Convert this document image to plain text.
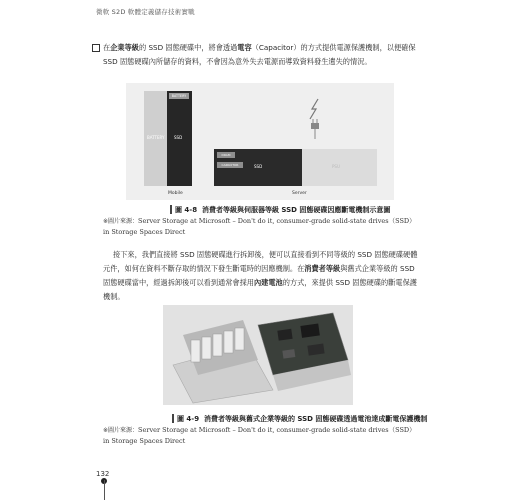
微軟 S2D 軟體定義儲存技術實戰
在企業等級的 SSD 固態硬碟中，將會透過電容（Capacitor）的方式提供電源保護機制，以便確保 SSD 固態硬碟內所儲存的資料，不會因為意外失去電源而導致資料發生遺失的情況。
BATTERY SSD
BATTERY
DRAM
CAPACITOR	SSD	PSU
Mobile	Server
圖 4-8 消費者等級與伺服器等級 SSD 固態硬碟因應斷電機制示意圖
※圖片來源：Server Storage at Microsoft – Don't do it, consumer-grade solid-state drives（SSD） in Storage Spaces Direct
接下來，我們直接將 SSD 固態硬碟進行拆卸後，便可以直接看到不同等級的 SSD 固態硬碟硬體元件，如何在資料不斷存取的情況下發生斷電時的因應機制。在消費者等級與舊式企業等級的 SSD 固態硬碟當中，經過拆卸後可以看到通常會採用內建電池的方式，來提供 SSD 固態硬碟的斷電保護機制。
圖 4-9 消費者等級與舊式企業等級的 SSD 固態硬碟透過電池達成斷電保護機制
※圖片來源：Server Storage at Microsoft – Don't do it, consumer-grade solid-state drives（SSD） in Storage Spaces Direct
132
